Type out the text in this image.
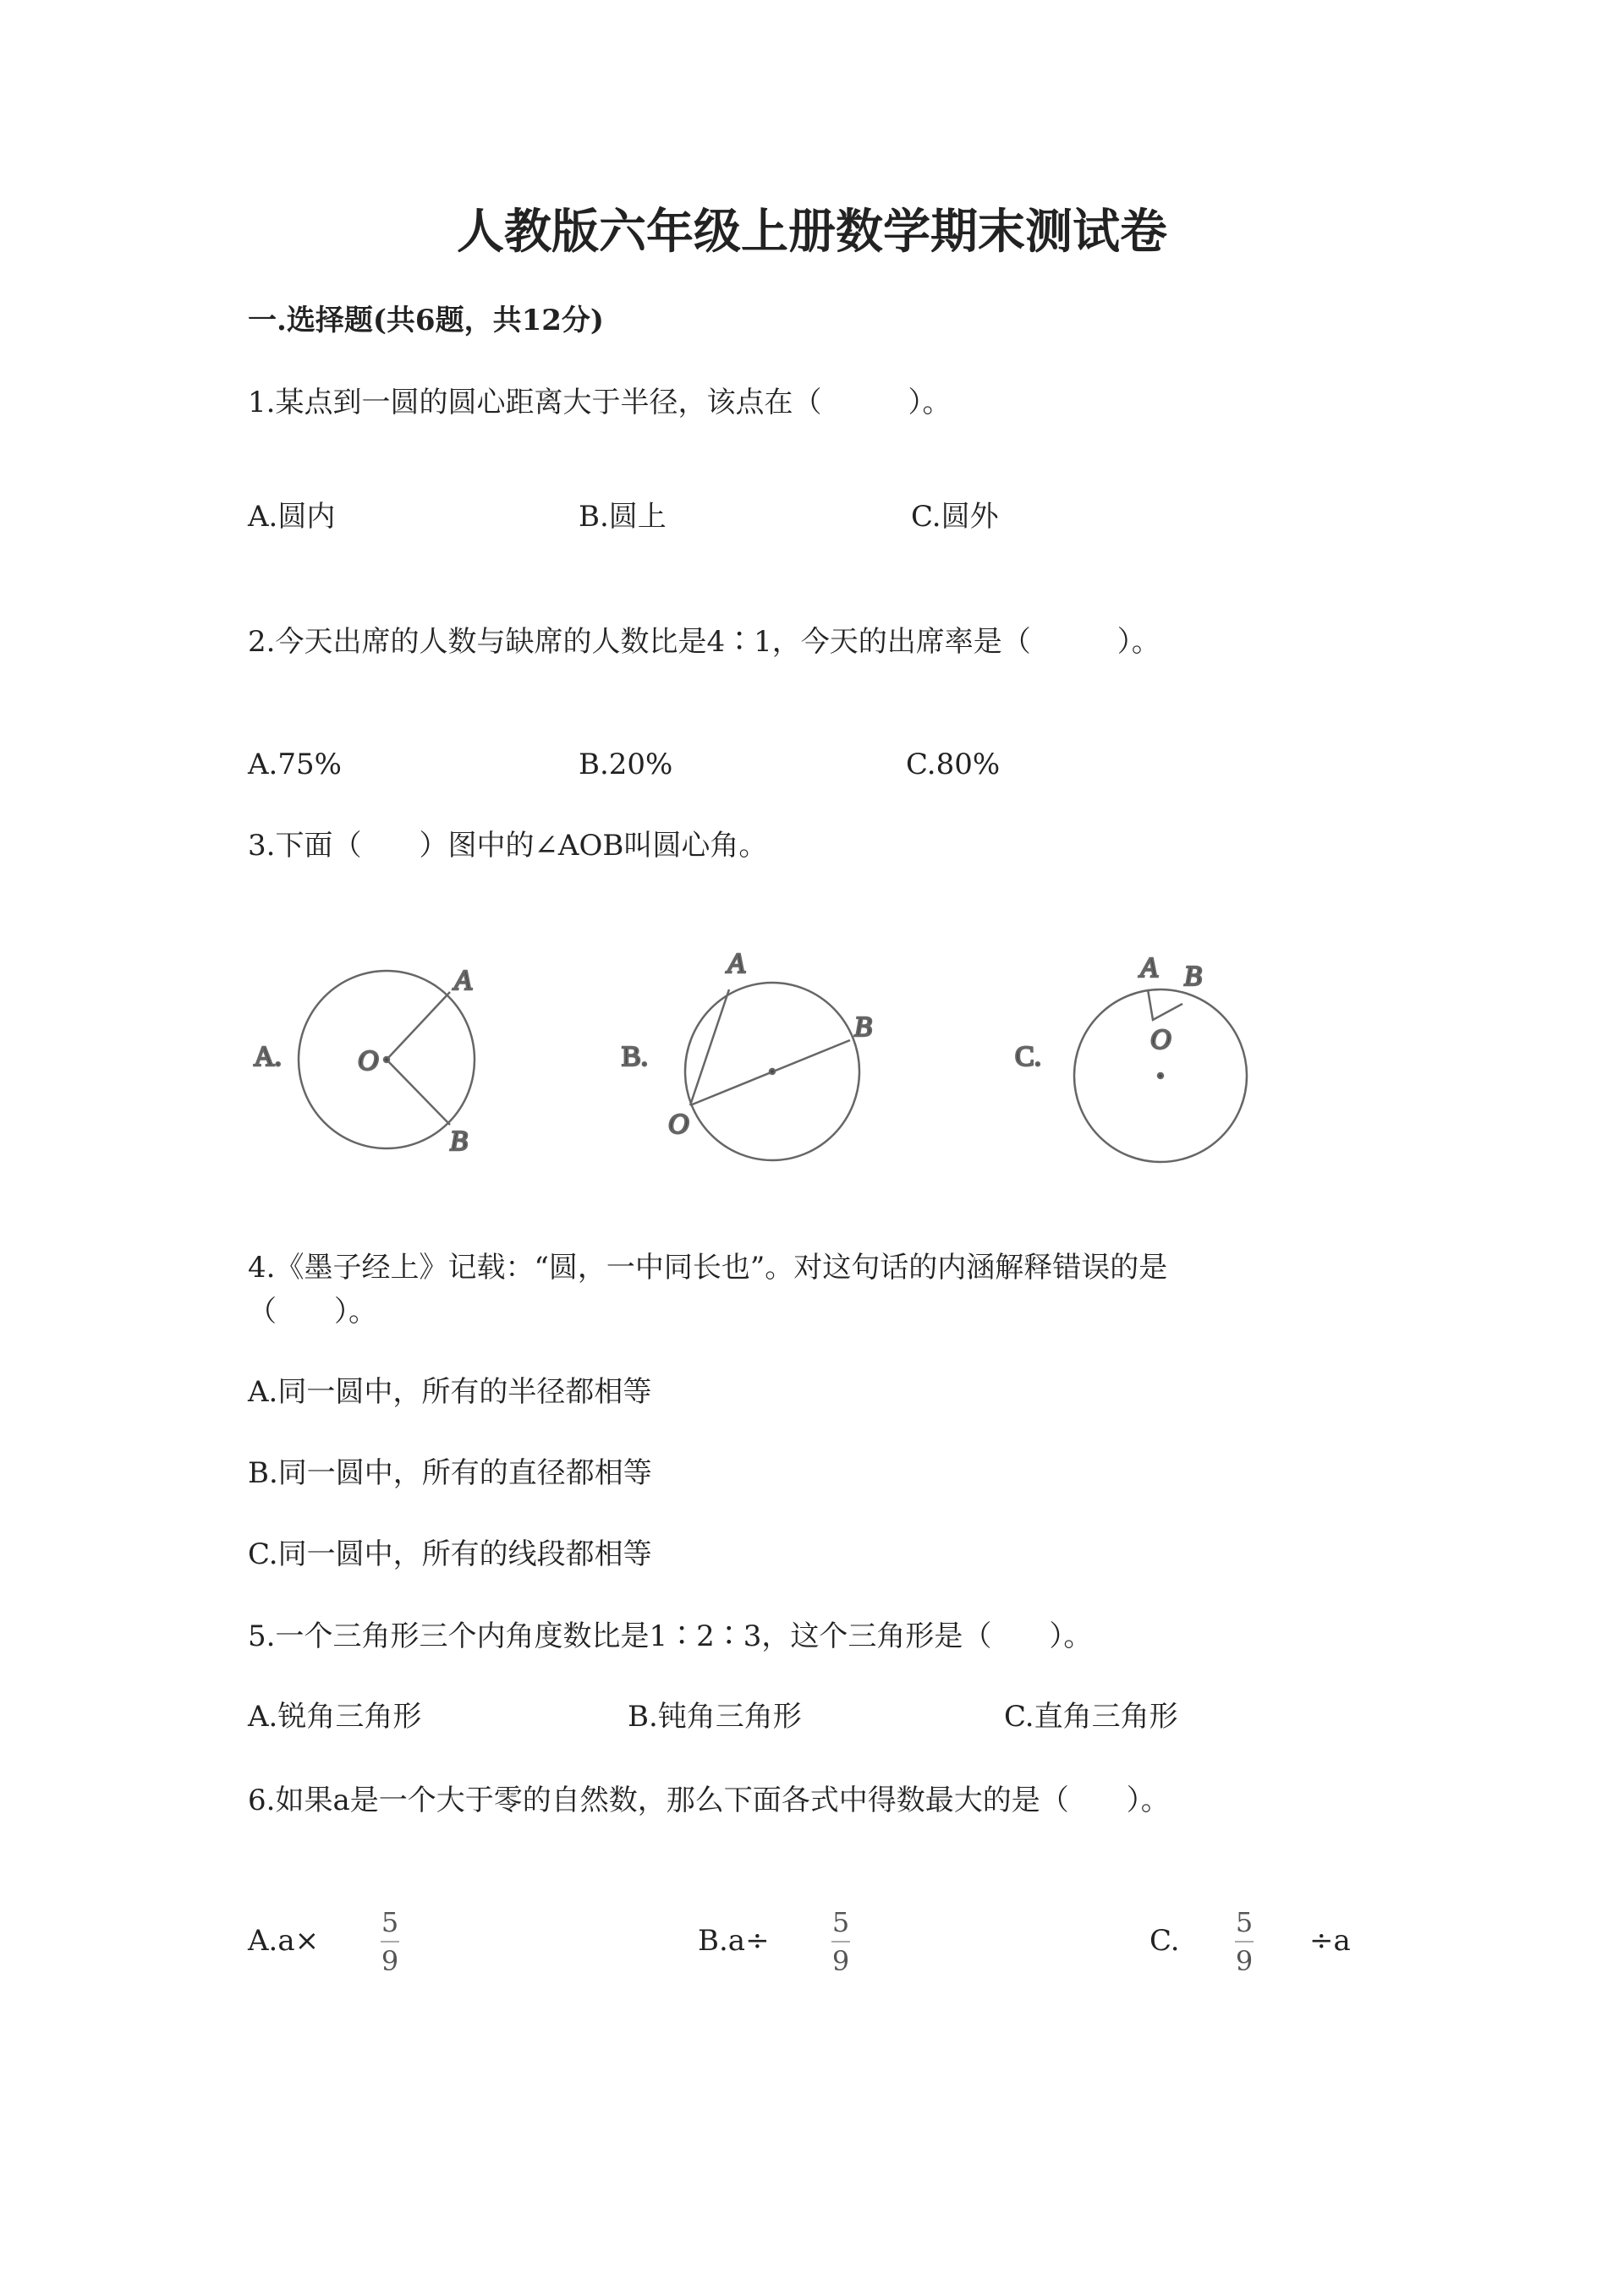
人教版六年级上册数学期末测试卷
一.选择题(共6题，共12分)
1.某点到一圆的圆心距离大于半径，该点在（　　　）。
A.圆内	B.圆上	C.圆外
2.今天出席的人数与缺席的人数比是4∶1，今天的出席率是（　　　）。
A.75%	B.20%	C.80%
3.下面（　　）图中的∠AOB叫圆心角。
A.
A
B
O	B.
A
B
O
C.
A B
O
4.《墨子经上》记载：“圆，一中同长也”。对这句话的内涵解释错误的是
（　　）。
A.同一圆中，所有的半径都相等
B.同一圆中，所有的直径都相等
C.同一圆中，所有的线段都相等
5.一个三角形三个内角度数比是1∶2∶3，这个三角形是（　　）。
A.锐角三角形	B.钝角三角形	C.直角三角形
6.如果a是一个大于零的自然数，那么下面各式中得数最大的是（　　）。
A.a×
5
9
B.a÷
5
9
C.
5
9
÷a
